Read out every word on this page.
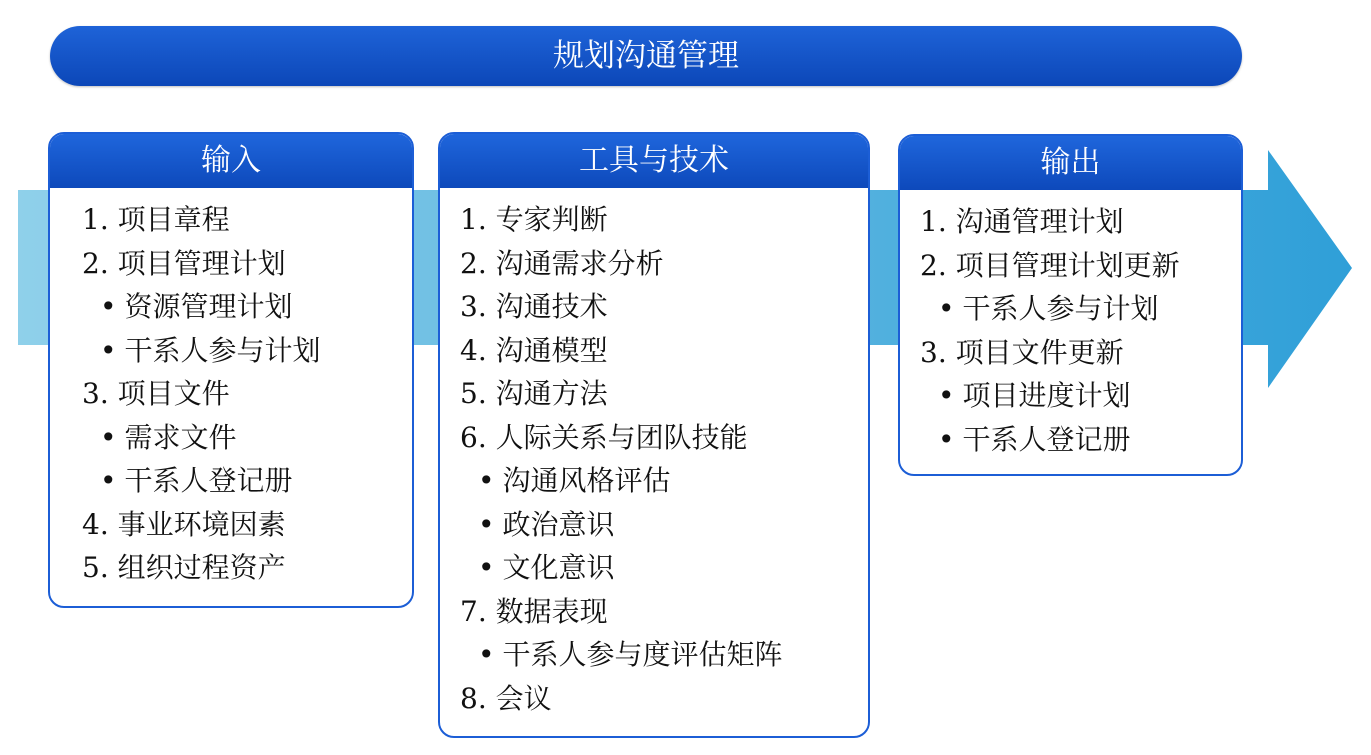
规划沟通管理
输入
1. 项目章程
2. 项目管理计划
• 资源管理计划
• 干系人参与计划
3. 项目文件
• 需求文件
• 干系人登记册
4. 事业环境因素
5. 组织过程资产
工具与技术
1. 专家判断
2. 沟通需求分析
3. 沟通技术
4. 沟通模型
5. 沟通方法
6. 人际关系与团队技能
• 沟通风格评估
• 政治意识
• 文化意识
7. 数据表现
• 干系人参与度评估矩阵
8. 会议
输出
1. 沟通管理计划
2. 项目管理计划更新
• 干系人参与计划
3. 项目文件更新
• 项目进度计划
• 干系人登记册
